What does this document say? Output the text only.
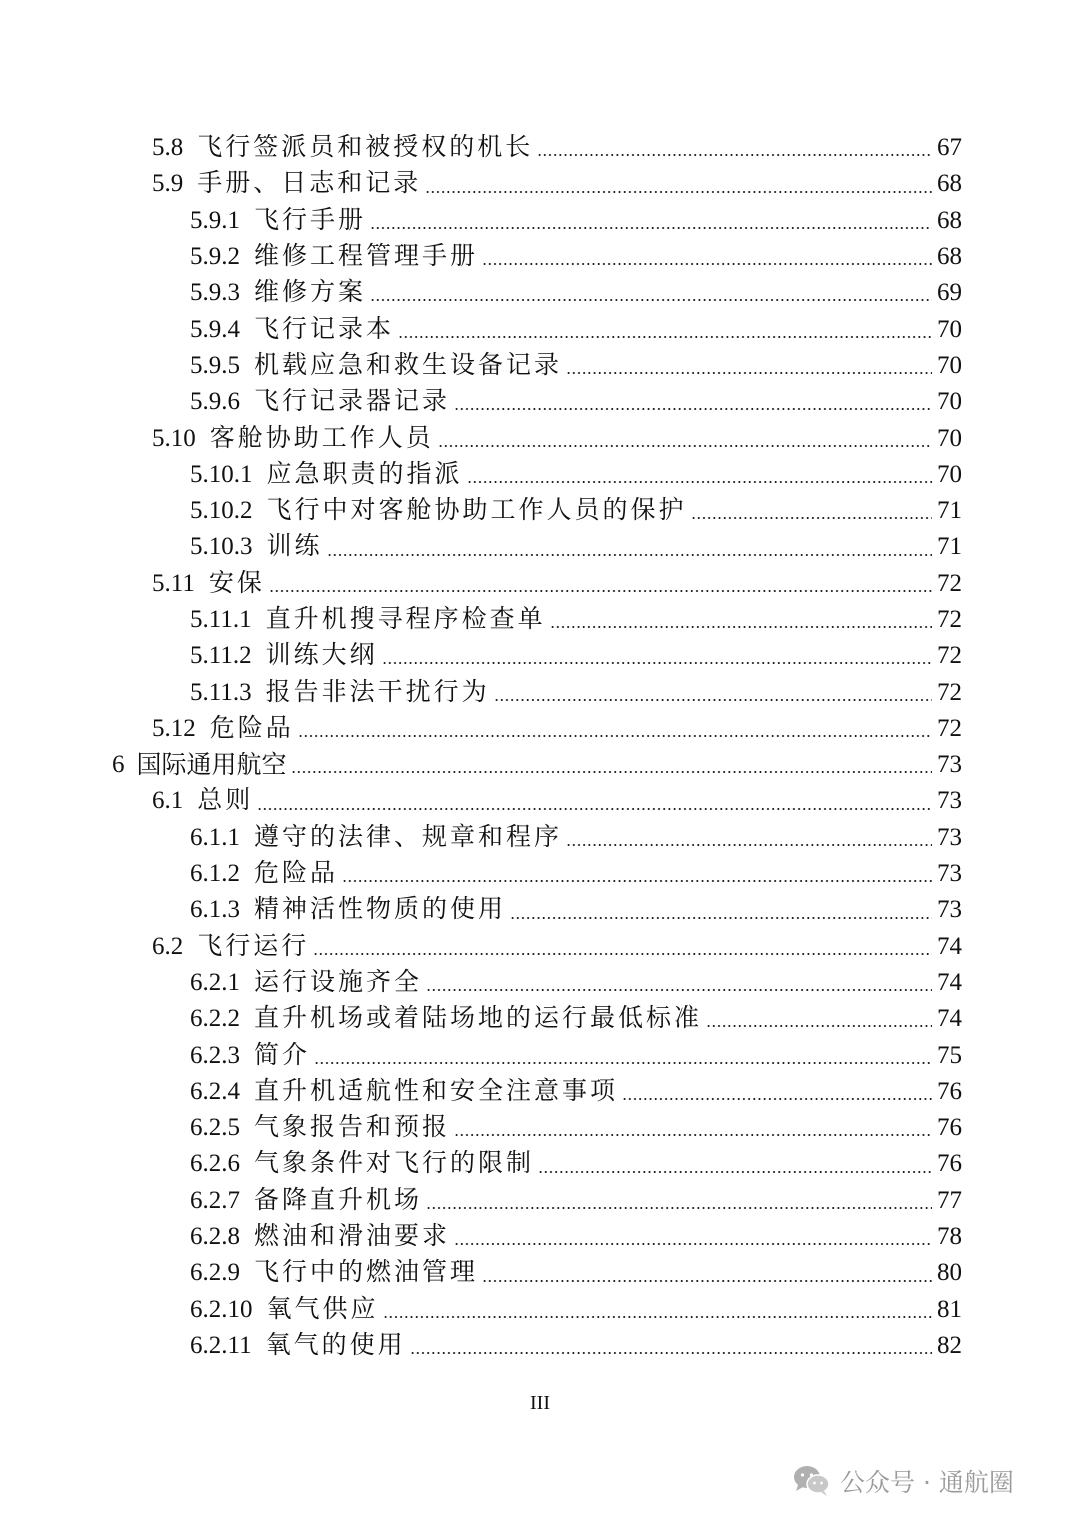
5.8 飞行签派员和被授权的机长	67
5.9 手册、日志和记录	68
5.9.1 飞行手册	68
5.9.2 维修工程管理手册	68
5.9.3 维修方案	69
5.9.4 飞行记录本	70
5.9.5 机载应急和救生设备记录	70
5.9.6 飞行记录器记录	70
5.10 客舱协助工作人员	70
5.10.1 应急职责的指派	70
5.10.2 飞行中对客舱协助工作人员的保护	71
5.10.3 训练	71
5.11 安保	72
5.11.1 直升机搜寻程序检查单	72
5.11.2 训练大纲	72
5.11.3 报告非法干扰行为	72
5.12 危险品	72
6 国际通用航空	73
6.1 总则	73
6.1.1 遵守的法律、规章和程序	73
6.1.2 危险品	73
6.1.3 精神活性物质的使用	73
6.2 飞行运行	74
6.2.1 运行设施齐全	74
6.2.2 直升机场或着陆场地的运行最低标准	74
6.2.3 简介	75
6.2.4 直升机适航性和安全注意事项	76
6.2.5 气象报告和预报	76
6.2.6 气象条件对飞行的限制	76
6.2.7 备降直升机场	77
6.2.8 燃油和滑油要求	78
6.2.9 飞行中的燃油管理	80
6.2.10 氧气供应	81
6.2.11 氧气的使用	82
III
公众号 · 通航圈
